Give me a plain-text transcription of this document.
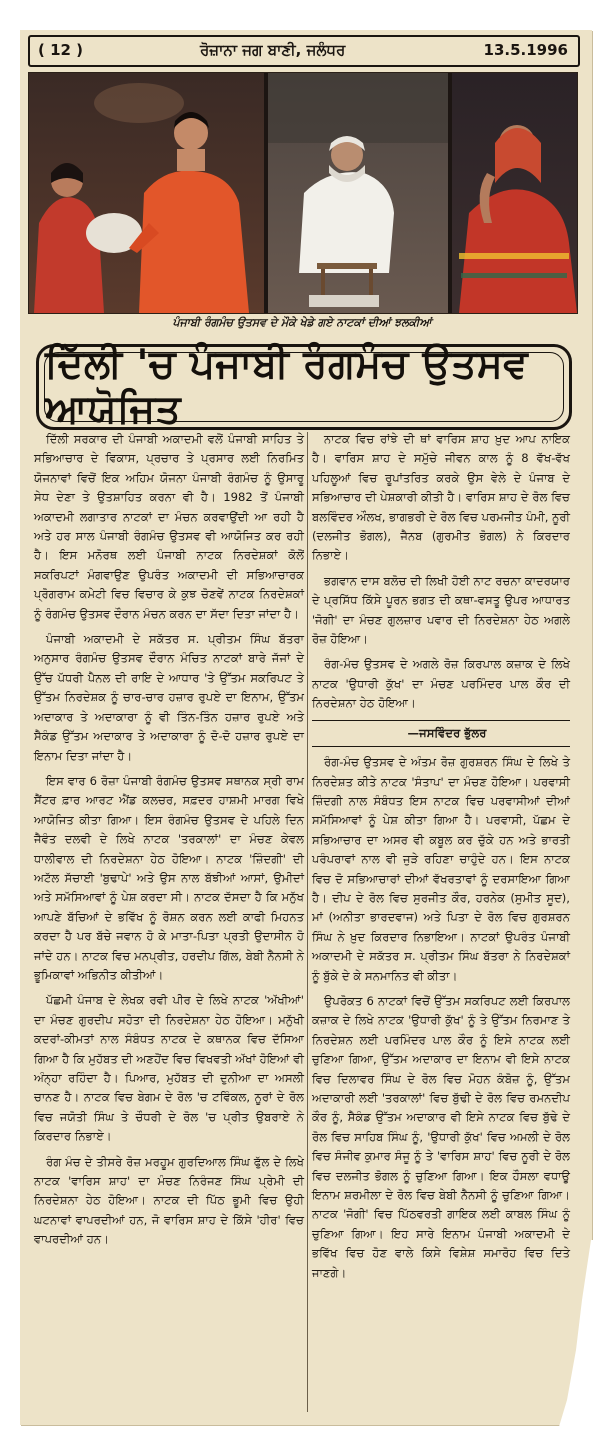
( 12 )	ਰੋਜ਼ਾਨਾ ਜਗ ਬਾਣੀ, ਜਲੰਧਰ	13.5.1996
ਪੰਜਾਬੀ ਰੰਗਮੰਚ ਉਤਸਵ ਦੇ ਮੌਕੇ ਖੇਡੇ ਗਏ ਨਾਟਕਾਂ ਦੀਆਂ ਝਲਕੀਆਂ
ਦਿੱਲੀ 'ਚ ਪੰਜਾਬੀ ਰੰਗਮੰਚ ਉਤਸਵ ਆਯੋਜਿਤ

ਦਿੱਲੀ ਸਰਕਾਰ ਦੀ ਪੰਜਾਬੀ ਅਕਾਦਮੀ ਵਲੋਂ ਪੰਜਾਬੀ ਸਾਹਿਤ ਤੇ ਸਭਿਆਚਾਰ ਦੇ ਵਿਕਾਸ, ਪ੍ਰਚਾਰ ਤੇ ਪ੍ਰਸਾਰ ਲਈ ਨਿਰਮਿਤ ਯੋਜਨਾਵਾਂ ਵਿਚੋਂ ਇਕ ਅਹਿਮ ਯੋਜਨਾ ਪੰਜਾਬੀ ਰੰਗਮੰਚ ਨੂੰ ਉਸਾਰੂ ਸੇਧ ਦੇਣਾ ਤੇ ਉਤਸ਼ਾਹਿਤ ਕਰਨਾ ਵੀ ਹੈ। 1982 ਤੋਂ ਪੰਜਾਬੀ ਅਕਾਦਮੀ ਲਗਾਤਾਰ ਨਾਟਕਾਂ ਦਾ ਮੰਚਨ ਕਰਵਾਉਂਦੀ ਆ ਰਹੀ ਹੈ ਅਤੇ ਹਰ ਸਾਲ ਪੰਜਾਬੀ ਰੰਗਮੰਚ ਉਤਸਵ ਵੀ ਆਯੋਜਿਤ ਕਰ ਰਹੀ ਹੈ। ਇਸ ਮਨੋਰਥ ਲਈ ਪੰਜਾਬੀ ਨਾਟਕ ਨਿਰਦੇਸ਼ਕਾਂ ਕੋਲੋਂ ਸਕਰਿਪਟਾਂ ਮੰਗਵਾਉਣ ਉਪਰੰਤ ਅਕਾਦਮੀ ਦੀ ਸਭਿਆਚਾਰਕ ਪ੍ਰੋਗਰਾਮ ਕਮੇਟੀ ਵਿਚ ਵਿਚਾਰ ਕੇ ਕੁਝ ਚੋਣਵੇਂ ਨਾਟਕ ਨਿਰਦੇਸ਼ਕਾਂ ਨੂੰ ਰੰਗਮੰਚ ਉਤਸਵ ਦੌਰਾਨ ਮੰਚਨ ਕਰਨ ਦਾ ਸੱਦਾ ਦਿਤਾ ਜਾਂਦਾ ਹੈ।

ਪੰਜਾਬੀ ਅਕਾਦਮੀ ਦੇ ਸਕੱਤਰ ਸ. ਪ੍ਰੀਤਮ ਸਿੰਘ ਬੱਤਰਾ ਅਨੁਸਾਰ ਰੰਗਮੰਚ ਉਤਸਵ ਦੌਰਾਨ ਮੰਚਿਤ ਨਾਟਕਾਂ ਬਾਰੇ ਜੱਜਾਂ ਦੇ ਉੱਚ ਪੱਧਰੀ ਪੈਨਲ ਦੀ ਰਾਇ ਦੇ ਆਧਾਰ 'ਤੇ ਉੱਤਮ ਸਕਰਿਪਟ ਤੇ ਉੱਤਮ ਨਿਰਦੇਸ਼ਕ ਨੂੰ ਚਾਰ-ਚਾਰ ਹਜ਼ਾਰ ਰੁਪਏ ਦਾ ਇਨਾਮ, ਉੱਤਮ ਅਦਾਕਾਰ ਤੇ ਅਦਾਕਾਰਾ ਨੂੰ ਵੀ ਤਿੰਨ-ਤਿੰਨ ਹਜ਼ਾਰ ਰੁਪਏ ਅਤੇ ਸੈਕੰਡ ਉੱਤਮ ਅਦਾਕਾਰ ਤੇ ਅਦਾਕਾਰਾ ਨੂੰ ਦੋ-ਦੋ ਹਜ਼ਾਰ ਰੁਪਏ ਦਾ ਇਨਾਮ ਦਿਤਾ ਜਾਂਦਾ ਹੈ।

ਇਸ ਵਾਰ 6 ਰੋਜ਼ਾ ਪੰਜਾਬੀ ਰੰਗਮੰਚ ਉਤਸਵ ਸਥਾਨਕ ਸ੍ਰੀ ਰਾਮ ਸੈਂਟਰ ਫ਼ਾਰ ਆਰਟ ਐਂਡ ਕਲਚਰ, ਸਫ਼ਦਰ ਹਾਸ਼ਮੀ ਮਾਰਗ ਵਿਖੇ ਆਯੋਜਿਤ ਕੀਤਾ ਗਿਆ। ਇਸ ਰੰਗਮੰਚ ਉਤਸਵ ਦੇ ਪਹਿਲੇ ਦਿਨ ਜੈਵੰਤ ਦਲਵੀ ਦੇ ਲਿਖੇ ਨਾਟਕ 'ਤਰਕਾਲਾਂ' ਦਾ ਮੰਚਣ ਕੇਵਲ ਧਾਲੀਵਾਲ ਦੀ ਨਿਰਦੇਸ਼ਨਾ ਹੇਠ ਹੋਇਆ। ਨਾਟਕ 'ਜ਼ਿੰਦਗੀ' ਦੀ ਅਟੱਲ ਸੱਚਾਈ 'ਬੁਢਾਪੇ' ਅਤੇ ਉਸ ਨਾਲ ਬੱਝੀਆਂ ਆਸਾਂ, ਉਮੀਦਾਂ ਅਤੇ ਸਮੱਸਿਆਵਾਂ ਨੂੰ ਪੇਸ਼ ਕਰਦਾ ਸੀ। ਨਾਟਕ ਦੱਸਦਾ ਹੈ ਕਿ ਮਨੁੱਖ ਆਪਣੇ ਬੱਚਿਆਂ ਦੇ ਭਵਿੱਖ ਨੂੰ ਰੋਸ਼ਨ ਕਰਨ ਲਈ ਕਾਫੀ ਮਿਹਨਤ ਕਰਦਾ ਹੈ ਪਰ ਬੱਚੇ ਜਵਾਨ ਹੋ ਕੇ ਮਾਤਾ-ਪਿਤਾ ਪ੍ਰਤੀ ਉਦਾਸੀਨ ਹੋ ਜਾਂਦੇ ਹਨ। ਨਾਟਕ ਵਿਚ ਮਨਪ੍ਰੀਤ, ਹਰਦੀਪ ਗਿੱਲ, ਬੇਬੀ ਨੈਨਸੀ ਨੇ ਭੂਮਿਕਾਵਾਂ ਅਭਿਨੀਤ ਕੀਤੀਆਂ।

ਪੱਛਮੀ ਪੰਜਾਬ ਦੇ ਲੇਖਕ ਰਵੀ ਪੀਰ ਦੇ ਲਿਖੇ ਨਾਟਕ 'ਅੱਖੀਆਂ' ਦਾ ਮੰਚਣ ਗੁਰਦੀਪ ਸਹੋਤਾ ਦੀ ਨਿਰਦੇਸ਼ਨਾ ਹੇਠ ਹੋਇਆ। ਮਨੁੱਖੀ ਕਦਰਾਂ-ਕੀਮਤਾਂ ਨਾਲ ਸੰਬੰਧਤ ਨਾਟਕ ਦੇ ਕਥਾਨਕ ਵਿਚ ਦੱਸਿਆ ਗਿਆ ਹੈ ਕਿ ਮੁਹੱਬਤ ਦੀ ਅਣਹੋਂਦ ਵਿਚ ਵਿਖਵਤੀ ਅੱਖਾਂ ਹੋਇਆਂ ਵੀ ਅੰਨ੍ਹਾ ਰਹਿੰਦਾ ਹੈ। ਪਿਆਰ, ਮੁਹੱਬਤ ਦੀ ਦੁਨੀਆ ਦਾ ਅਸਲੀ ਚਾਨਣ ਹੈ। ਨਾਟਕ ਵਿਚ ਬੇਗਮ ਦੇ ਰੋਲ 'ਚ ਟਵਿੰਕਲ, ਨੂਰਾਂ ਦੇ ਰੋਲ ਵਿਚ ਜਯੋਤੀ ਸਿੰਘ ਤੇ ਚੌਧਰੀ ਦੇ ਰੋਲ 'ਚ ਪ੍ਰੀਤ ਉਬਰਾਏ ਨੇ ਕਿਰਦਾਰ ਨਿਭਾਏ।

ਰੰਗ ਮੰਚ ਦੇ ਤੀਸਰੇ ਰੋਜ਼ ਮਰਹੂਮ ਗੁਰਦਿਆਲ ਸਿੰਘ ਫੁੱਲ ਦੇ ਲਿਖੇ ਨਾਟਕ 'ਵਾਰਿਸ ਸ਼ਾਹ' ਦਾ ਮੰਚਣ ਨਿਰੰਜਣ ਸਿੰਘ ਪ੍ਰੇਮੀ ਦੀ ਨਿਰਦੇਸ਼ਨਾ ਹੇਠ ਹੋਇਆ। ਨਾਟਕ ਦੀ ਪਿੱਠ ਭੂਮੀ ਵਿਚ ਉਹੀ ਘਟਨਾਵਾਂ ਵਾਪਰਦੀਆਂ ਹਨ, ਜੋ ਵਾਰਿਸ ਸ਼ਾਹ ਦੇ ਕਿੱਸੇ 'ਹੀਰ' ਵਿਚ ਵਾਪਰਦੀਆਂ ਹਨ।

ਨਾਟਕ ਵਿਚ ਰਾਂਝੇ ਦੀ ਥਾਂ ਵਾਰਿਸ ਸ਼ਾਹ ਖ਼ੁਦ ਆਪ ਨਾਇਕ ਹੈ। ਵਾਰਿਸ ਸ਼ਾਹ ਦੇ ਸਮੁੱਚੇ ਜੀਵਨ ਕਾਲ ਨੂੰ 8 ਵੱਖ-ਵੱਖ ਪਹਿਲੂਆਂ ਵਿਚ ਰੂਪਾਂਤਰਿਤ ਕਰਕੇ ਉਸ ਵੇਲੇ ਦੇ ਪੰਜਾਬ ਦੇ ਸਭਿਆਚਾਰ ਦੀ ਪੇਸ਼ਕਾਰੀ ਕੀਤੀ ਹੈ। ਵਾਰਿਸ ਸ਼ਾਹ ਦੇ ਰੋਲ ਵਿਚ ਬਲਵਿੰਦਰ ਔਲਖ, ਭਾਗਭਰੀ ਦੇ ਰੋਲ ਵਿਚ ਪਰਮਜੀਤ ਪੰਮੀ, ਨੂਰੀ (ਦਲਜੀਤ ਭੋਗਲ), ਜੈਨਬ (ਗੁਰਮੀਤ ਭੋਗਲ) ਨੇ ਕਿਰਦਾਰ ਨਿਭਾਏ।

ਭਗਵਾਨ ਦਾਸ ਬਲੋਚ ਦੀ ਲਿਖੀ ਹੋਈ ਨਾਟ ਰਚਨਾ ਕਾਦਰਯਾਰ ਦੇ ਪ੍ਰਸਿੱਧ ਕਿੱਸੇ ਪੂਰਨ ਭਗਤ ਦੀ ਕਥਾ-ਵਸਤੂ ਉਪਰ ਆਧਾਰਤ 'ਜੋਗੀ' ਦਾ ਮੰਚਣ ਗੁਲਜ਼ਾਰ ਪਵਾਰ ਦੀ ਨਿਰਦੇਸ਼ਨਾ ਹੇਠ ਅਗਲੇ ਰੋਜ਼ ਹੋਇਆ।

ਰੰਗ-ਮੰਚ ਉਤਸਵ ਦੇ ਅਗਲੇ ਰੋਜ਼ ਕਿਰਪਾਲ ਕਜ਼ਾਕ ਦੇ ਲਿਖੇ ਨਾਟਕ 'ਉਧਾਰੀ ਕੁੱਖ' ਦਾ ਮੰਚਣ ਪਰਮਿੰਦਰ ਪਾਲ ਕੌਰ ਦੀ ਨਿਰਦੇਸ਼ਨਾ ਹੇਠ ਹੋਇਆ।

—ਜਸਵਿੰਦਰ ਭੁੱਲਰ

ਰੰਗ-ਮੰਚ ਉਤਸਵ ਦੇ ਅੰਤਮ ਰੋਜ਼ ਗੁਰਸ਼ਰਨ ਸਿੰਘ ਦੇ ਲਿਖੇ ਤੇ ਨਿਰਦੇਸ਼ਤ ਕੀਤੇ ਨਾਟਕ 'ਸੰਤਾਪ' ਦਾ ਮੰਚਣ ਹੋਇਆ। ਪਰਵਾਸੀ ਜ਼ਿੰਦਗੀ ਨਾਲ ਸੰਬੰਧਤ ਇਸ ਨਾਟਕ ਵਿਚ ਪਰਵਾਸੀਆਂ ਦੀਆਂ ਸਮੱਸਿਆਵਾਂ ਨੂੰ ਪੇਸ਼ ਕੀਤਾ ਗਿਆ ਹੈ। ਪਰਵਾਸੀ, ਪੱਛਮ ਦੇ ਸਭਿਆਚਾਰ ਦਾ ਅਸਰ ਵੀ ਕਬੂਲ ਕਰ ਚੁੱਕੇ ਹਨ ਅਤੇ ਭਾਰਤੀ ਪਰੰਪਰਾਵਾਂ ਨਾਲ ਵੀ ਜੁੜੇ ਰਹਿਣਾ ਚਾਹੁੰਦੇ ਹਨ। ਇਸ ਨਾਟਕ ਵਿਚ ਦੋ ਸਭਿਆਚਾਰਾਂ ਦੀਆਂ ਵੱਖਰਤਾਵਾਂ ਨੂੰ ਦਰਸਾਇਆ ਗਿਆ ਹੈ। ਦੀਪ ਦੇ ਰੋਲ ਵਿਚ ਸੁਰਜੀਤ ਕੌਰ, ਹਰਨੇਕ (ਸੁਮੀਤ ਸੂਦ), ਮਾਂ (ਅਨੀਤਾ ਭਾਰਦਵਾਜ) ਅਤੇ ਪਿਤਾ ਦੇ ਰੋਲ ਵਿਚ ਗੁਰਸ਼ਰਨ ਸਿੰਘ ਨੇ ਖ਼ੁਦ ਕਿਰਦਾਰ ਨਿਭਾਇਆ। ਨਾਟਕਾਂ ਉਪਰੰਤ ਪੰਜਾਬੀ ਅਕਾਦਮੀ ਦੇ ਸਕੱਤਰ ਸ. ਪ੍ਰੀਤਮ ਸਿੰਘ ਬੱਤਰਾ ਨੇ ਨਿਰਦੇਸ਼ਕਾਂ ਨੂੰ ਬੁੱਕੇ ਦੇ ਕੇ ਸਨਮਾਨਿਤ ਵੀ ਕੀਤਾ।

ਉਪਰੋਕਤ 6 ਨਾਟਕਾਂ ਵਿਚੋਂ ਉੱਤਮ ਸਕਰਿਪਟ ਲਈ ਕਿਰਪਾਲ ਕਜ਼ਾਕ ਦੇ ਲਿਖੇ ਨਾਟਕ 'ਉਧਾਰੀ ਕੁੱਖ' ਨੂੰ ਤੇ ਉੱਤਮ ਨਿਰਮਾਣ ਤੇ ਨਿਰਦੇਸ਼ਨ ਲਈ ਪਰਮਿੰਦਰ ਪਾਲ ਕੌਰ ਨੂੰ ਇਸੇ ਨਾਟਕ ਲਈ ਚੁਣਿਆ ਗਿਆ, ਉੱਤਮ ਅਦਾਕਾਰ ਦਾ ਇਨਾਮ ਵੀ ਇਸੇ ਨਾਟਕ ਵਿਚ ਦਿਲਾਵਰ ਸਿੰਘ ਦੇ ਰੋਲ ਵਿਚ ਮੋਹਨ ਕੰਬੋਜ਼ ਨੂੰ, ਉੱਤਮ ਅਦਾਕਾਰੀ ਲਈ 'ਤਰਕਾਲਾਂ' ਵਿਚ ਬੁੱਢੀ ਦੇ ਰੋਲ ਵਿਚ ਰਮਨਦੀਪ ਕੌਰ ਨੂੰ, ਸੈਕੰਡ ਉੱਤਮ ਅਦਾਕਾਰ ਵੀ ਇਸੇ ਨਾਟਕ ਵਿਚ ਬੁੱਢੇ ਦੇ ਰੋਲ ਵਿਚ ਸਾਹਿਬ ਸਿੰਘ ਨੂੰ, 'ਉਧਾਰੀ ਕੁੱਖ' ਵਿਚ ਅਮਲੀ ਦੇ ਰੋਲ ਵਿਚ ਸੰਜੀਵ ਕੁਮਾਰ ਸੰਜੂ ਨੂੰ ਤੇ 'ਵਾਰਿਸ ਸ਼ਾਹ' ਵਿਚ ਨੂਰੀ ਦੇ ਰੋਲ ਵਿਚ ਦਲਜੀਤ ਭੋਗਲ ਨੂੰ ਚੁਣਿਆ ਗਿਆ। ਇਕ ਹੌਸਲਾ ਵਧਾਊ ਇਨਾਮ ਸ਼ਰਮੀਲਾ ਦੇ ਰੋਲ ਵਿਚ ਬੇਬੀ ਨੈਨਸੀ ਨੂੰ ਚੁਣਿਆ ਗਿਆ। ਨਾਟਕ 'ਜੋਗੀ' ਵਿਚ ਪਿੱਠਵਰਤੀ ਗਾਇਕ ਲਈ ਕਾਬਲ ਸਿੰਘ ਨੂੰ ਚੁਣਿਆ ਗਿਆ। ਇਹ ਸਾਰੇ ਇਨਾਮ ਪੰਜਾਬੀ ਅਕਾਦਮੀ ਦੇ ਭਵਿੱਖ ਵਿਚ ਹੋਣ ਵਾਲੇ ਕਿਸੇ ਵਿਸ਼ੇਸ਼ ਸਮਾਰੋਹ ਵਿਚ ਦਿਤੇ ਜਾਣਗੇ।
